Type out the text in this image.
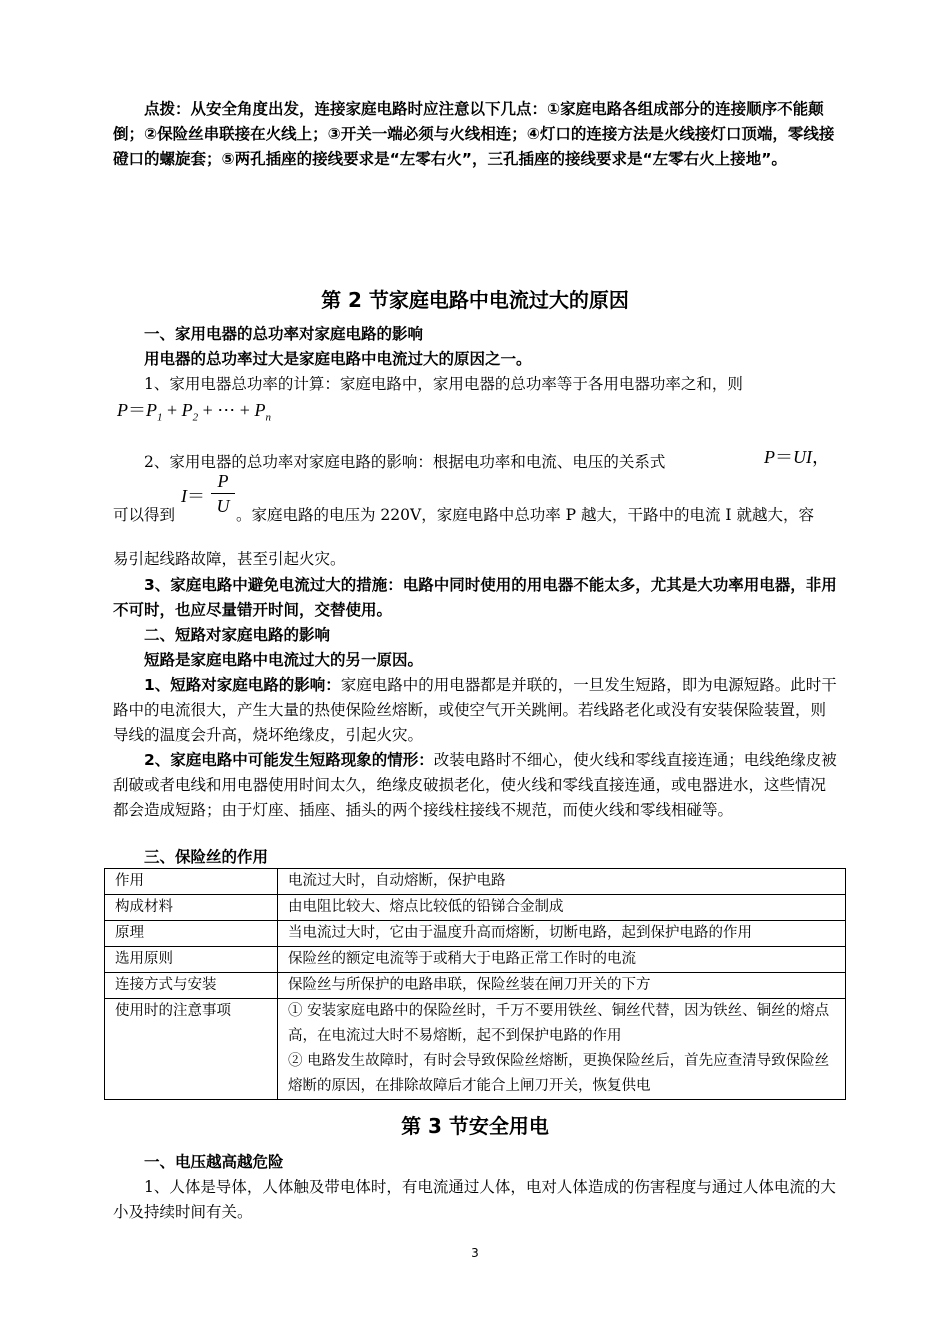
点拨：从安全角度出发，连接家庭电路时应注意以下几点：①家庭电路各组成部分的连接顺序不能颠倒；②保险丝串联接在火线上；③开关一端必须与火线相连；④灯口的连接方法是火线接灯口顶端，零线接磴口的螺旋套；⑤两孔插座的接线要求是“左零右火”，三孔插座的接线要求是“左零右火上接地”。

第 2 节家庭电路中电流过大的原因

一、家用电器的总功率对家庭电路的影响

用电器的总功率过大是家庭电路中电流过大的原因之一。

1、家用电器总功率的计算：家庭电路中，家用电器的总功率等于各用电器功率之和，则

$P=P_1 + P_2$ + ⋯ + $P_n$

2、家用电器的总功率对家庭电路的影响：根据电功率和电流、电压的关系式	P＝UI，
I＝
P
U

可以得到	。家庭电路的电压为 220V，家庭电路中总功率 P 越大，干路中的电流 I 就越大，容

易引起线路故障，甚至引起火灾。

3、家庭电路中避免电流过大的措施：电路中同时使用的用电器不能太多，尤其是大功率用电器，非用不可时，也应尽量错开时间，交替使用。

二、短路对家庭电路的影响

短路是家庭电路中电流过大的另一原因。

1、短路对家庭电路的影响：家庭电路中的用电器都是并联的，一旦发生短路，即为电源短路。此时干路中的电流很大，产生大量的热使保险丝熔断，或使空气开关跳闸。若线路老化或没有安装保险装置，则导线的温度会升高，烧坏绝缘皮，引起火灾。

2、家庭电路中可能发生短路现象的情形：改装电路时不细心，使火线和零线直接连通；电线绝缘皮被刮破或者电线和用电器使用时间太久，绝缘皮破损老化，使火线和零线直接连通，或电器进水，这些情况都会造成短路；由于灯座、插座、插头的两个接线柱接线不规范，而使火线和零线相碰等。

三、保险丝的作用

作用	电流过大时，自动熔断，保护电路
构成材料	由电阻比较大、熔点比较低的铅锑合金制成
原理	当电流过大时，它由于温度升高而熔断，切断电路，起到保护电路的作用
选用原则	保险丝的额定电流等于或稍大于电路正常工作时的电流
连接方式与安装	保险丝与所保护的电路串联，保险丝装在闸刀开关的下方
使用时的注意事项	① 安装家庭电路中的保险丝时，千万不要用铁丝、铜丝代替，因为铁丝、铜丝的熔点高，在电流过大时不易熔断，起不到保护电路的作用
② 电路发生故障时，有时会导致保险丝熔断，更换保险丝后，首先应查清导致保险丝熔断的原因，在排除故障后才能合上闸刀开关，恢复供电
第 3 节安全用电

一、电压越高越危险

1、人体是导体，人体触及带电体时，有电流通过人体，电对人体造成的伤害程度与通过人体电流的大小及持续时间有关。

3
